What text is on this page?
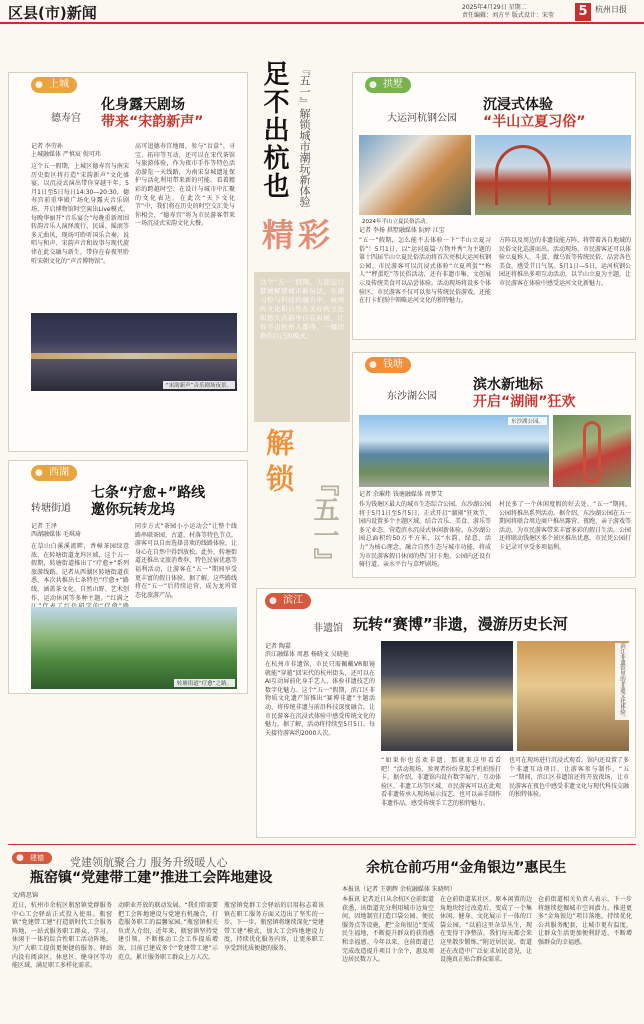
区县(市)新闻	2025年4月29日 星期二
责任编辑：刘方平 版式设计：宋莹	5 杭州日报
● 上城
德寿宫
化身露天剧场
带来“宋韵新声”
记者 李劳孙
上城融媒体 严慎宸 倪可玮
这个五一假期，上城区德寿宫与南宋历史街区将打造“宋韵新声”文化盛宴，以沉浸式演出带你穿越千年。5月1日至5日每日14:30—20:30，德寿宫前重华殿广场化身露天音乐剧场，开启博物馆时空演出Live模式。每晚华丽开“音乐宴会”每晚重新周围转韵音乐人演绎流行、民谣、摇滚等多元曲风，现场可聆听国乐合奏，说唱与和声、宋韵声音和故事与现代旋律在此交融与新生，带你在春夜里聆听宋朝文化的“声音博物馆”。
高可追德寿宫地图，参与“盲盒”、寻宝、拓印等互动，还可以在宋代茶馆与旅游体验，作为夜市手作等特色活动游览一天线路，为南宋皇城遗址保护与活化利用带来新的可能。看着精彩的跨越时空、在设计与城市中汇聚的文化表达。在此次“天下文化节”中，我们将在历史的时空交汇处与你相会，“德寿宫”将为市民游客带来一场沉浸式宋韵文化大餐。
“宋韵新声”音乐剧场夜景。
足不出杭也 『五一』解锁城市潮玩新体验
精彩
这个“五一”假期，天涯运行都城解锁城市新玩法，在潮习份与科技的融合中，杭州的文化和自然在美好的文化和悠久古韵中自在纵横，让你不出杭州人都得，一键切换你自己的模式。
解锁
『五一』
● 拱墅
大运河杭钢公园
沉浸式体验
“半山立夏习俗”
2024年半山立夏民俗活动。
记者 李扬 拱墅融媒体 阮婷 江宝
“五一”假期，怎么能不去体验一下“半山立夏习俗”！5月1日，以“运河夏篇·万物并秀”为主题的第十四届半山立夏民俗活动将首次亮相大运河杭钢公园。市民游客可以沉浸式体验“立夏鸡蛋”“称人”“秤蛋吃”等民俗活动，还有非遗市集、文创展示及传统美食可以品尝体验。活动现场将设多个体验区，市民游客不仅可以参与传统民俗游戏，还能在打卡拍照中领略运河文化的独特魅力。
方阵以及周边的非遗技能方阵，将带着各自地域的民俗文化巡游而出。活动现场，市民游客还可以体验立夏称人、斗蛋、做乌饭等传统民俗，品尝各色美食，感受节日气氛。5月1日—5日，运河杭钢公园还将推出多项互动活动，以半山立夏为主题，让市民游客在体验中感受运河文化新魅力。
● 钱塘
东沙湖公园
滨水新地标
开启“湖闹”狂欢
东沙湖公园。
记者 余璀炜 钱塘融媒体 周梦艾
作为钱塘区最大的城市生态综合公园，东沙湖公园将于5月1日至5月5日，正式开启“湖闹”狂欢节，园内设置多个主题区域，结合音乐、美食、游乐等多元业态，营造滨水沉浸式休闲新体验。东沙湖公园总面积约50万平方米，以“水韵、绿意、活力”为核心理念，融合自然生态与城市功能，将成为市民游客假日休闲的热门打卡地。公园内还设有骑行道、亲水平台与草坪剧场。
村民多了一个休闲度假的好去处。“五一”期间，公园将推出系列活动。据介绍，东沙湖公园在五一期间将联合周边商户推出露营、夜跑、亲子游戏等活动，为市民游客带来丰富多彩的假日生活。公园还将联动钱塘区多个景区推出优惠，市民凭公园打卡记录可享受多项福利。
● 西湖
转塘街道
七条“疗愈+”路线
邀你玩转龙坞
记者 王泽
西湖融媒体 毛琪琦
在草山白溪溪流畔，香樟茶园绿意浓，在转塘街道龙坞区域，这个五一假期，转塘街道推出了“疗愈+”系列旅游线路。记者从西湖区转塘街道获悉，本次共推出七条特色“疗愈+”路线，涵盖茶文化、自然山野、艺术创作、运动休闲等多种主题。“红满之
同步方式“茶园小小运动会”让整个线路串联茶园、古道、村落等特色节点，游客可以自由选择喜欢的线路体验，让身心在自然中得到放松。此外，转塘街道还推出文旅消费券、特色民宿优惠等福利活动，让游客在“五一”期间享受更丰富的假日体验。据了解，这些路线将在“五一”后持续运营，成为龙坞常态化旅游产品。
转塘街道“疗愈”之路。
● 滨江
非遗馆 玩转“赛博”非遗，漫游历史长河
记者 陶嘉
滨江融媒体 周惠 杨晓文 吴晓艳
在杭州市非遗馆，市民只需佩戴VR眼镜就能“穿越”回宋代的杭州街头，还可以在AI互动屏前化身手艺人，体验非遗技艺的数字化魅力。这个“五一”假期，滨江区非物质文化遗产馆推出“赛博非遗”主题活动，将传统非遗与前沿科技深度融合，让市民游客在沉浸式体验中感受传统文化的魅力。据了解，活动将持续至5月5日，每天接待游客约2000人次。
滨江非遗馆里的非遗文化体验。
“如果你也喜欢非遗，那就来这里看看吧！”活动现场，参观者纷纷拿起手机拍照打卡。据介绍，非遗馆内设有数字展厅、互动体验区、非遗工坊等区域，市民游客可以在此观看非遗传承人现场展示技艺，也可以亲手制作非遗作品，感受传统手工艺的独特魅力。
也可在现场进行沉浸式观看。馆内还设置了多个非遗互动项目，让游客参与制作，“五一”期间，滨江区非遗馆还将开放夜场，让市民游客在夜色中感受非遗文化与现代科技交融的独特体验。
● 建德	党建领航聚合力 服务升级暖人心
瓶窑镇“党建带工建”推进工会阵地建设
文/蒋思锦
近日，杭州市余杭区瓶窑镇党群服务中心工会驿站正式投入使用。瓶窑镇“党建带工建”打造新时代工会服务阵地，一站式服务职工群众，学习、休闲于一体的综合性职工活动阵地，为广大职工提供更便捷的服务。驿站内设有阅读区、休息区、健身区等功能区域，满足职工多样化需求。
动职业开放的联动发展。“我们常需要把工会阵地建设与党建有机融合，打造服务职工的温馨家园。”瓶窑镇相关负责人介绍，近年来，瓶窑镇坚持党建引领，不断推动工会工作提质增效，目前已建成多个“党建带工建”示范点，累计服务职工群众上万人次。
瓶窑镇党群工会驿站的启用标志着该镇在职工服务方面又迈出了坚实的一步。下一步，瓶窑镇将继续深化“党建带工建”模式，加大工会阵地建设力度，持续优化服务内容，让更多职工享受到优质便捷的服务。
余杭仓前巧用“金角银边”惠民生
本报讯（记者 王朝辉 余杭融媒体 朱晓明）
本报讯 记者近日从余杭区仓前街道获悉，该街道充分利用城市边角空间，因地制宜打造口袋公园、便民服务点等设施，把“金角银边”变成民生福地，不断提升群众的获得感和幸福感。今年以来，仓前街道已完成改造提升项目十余个，惠及周边居民数万人。
在仓前街道某社区，原本闲置的边角地块经过改造后，变成了一个集休闲、健身、文化展示于一体的口袋公园。“以前这里杂草丛生，现在变得干净整洁，我们每天都会来这里散步锻炼。”附近居民说。街道还在改造中广泛征求居民意见，让设施真正贴合群众需求。
仓前街道相关负责人表示，下一步将继续挖掘城市空间潜力，推进更多“金角银边”项目落地，持续优化公共服务配套，让城市更有温度，让群众生活更加便利舒适，不断增强群众的幸福感。
